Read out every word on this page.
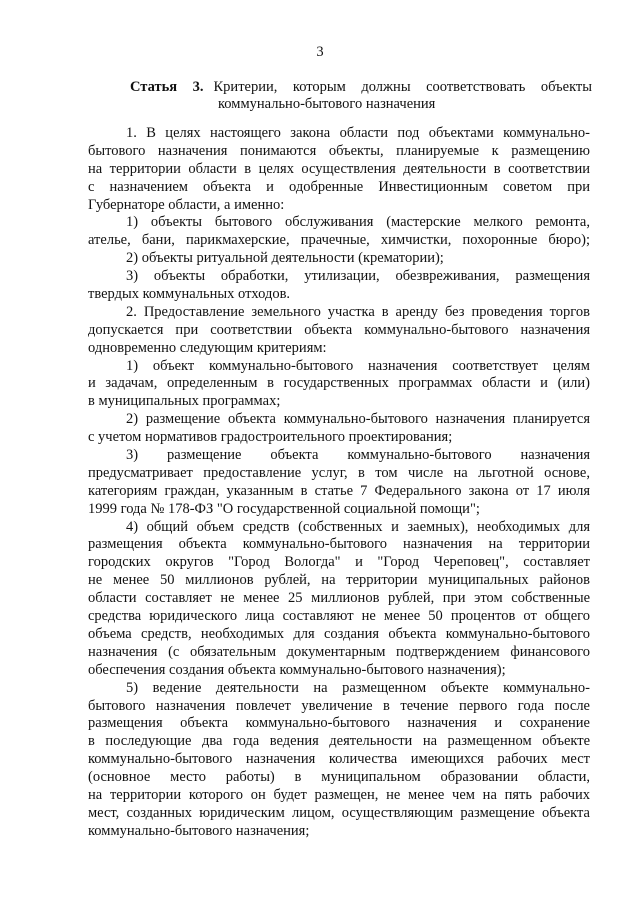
3
Статья 3. Критерии, которым должны соответствовать объекты
коммунально-бытового назначения
1. В целях настоящего закона области под объектами коммунально-
бытового назначения понимаются объекты, планируемые к размещению
на территории области в целях осуществления деятельности в соответствии
с назначением объекта и одобренные Инвестиционным советом при
Губернаторе области, а именно:
1) объекты бытового обслуживания (мастерские мелкого ремонта,
ателье, бани, парикмахерские, прачечные, химчистки, похоронные бюро);
2) объекты ритуальной деятельности (крематории);
3) объекты обработки, утилизации, обезвреживания, размещения
твердых коммунальных отходов.
2. Предоставление земельного участка в аренду без проведения торгов
допускается при соответствии объекта коммунально-бытового назначения
одновременно следующим критериям:
1) объект коммунально-бытового назначения соответствует целям
и задачам, определенным в государственных программах области и (или)
в муниципальных программах;
2) размещение объекта коммунально-бытового назначения планируется
с учетом нормативов градостроительного проектирования;
3) размещение объекта коммунально-бытового назначения
предусматривает предоставление услуг, в том числе на льготной основе,
категориям граждан, указанным в статье 7 Федерального закона от 17 июля
1999 года № 178-ФЗ "О государственной социальной помощи";
4) общий объем средств (собственных и заемных), необходимых для
размещения объекта коммунально-бытового назначения на территории
городских округов "Город Вологда" и "Город Череповец", составляет
не менее 50 миллионов рублей, на территории муниципальных районов
области составляет не менее 25 миллионов рублей, при этом собственные
средства юридического лица составляют не менее 50 процентов от общего
объема средств, необходимых для создания объекта коммунально-бытового
назначения (с обязательным документарным подтверждением финансового
обеспечения создания объекта коммунально-бытового назначения);
5) ведение деятельности на размещенном объекте коммунально-
бытового назначения повлечет увеличение в течение первого года после
размещения объекта коммунально-бытового назначения и сохранение
в последующие два года ведения деятельности на размещенном объекте
коммунально-бытового назначения количества имеющихся рабочих мест
(основное место работы) в муниципальном образовании области,
на территории которого он будет размещен, не менее чем на пять рабочих
мест, созданных юридическим лицом, осуществляющим размещение объекта
коммунально-бытового назначения;
